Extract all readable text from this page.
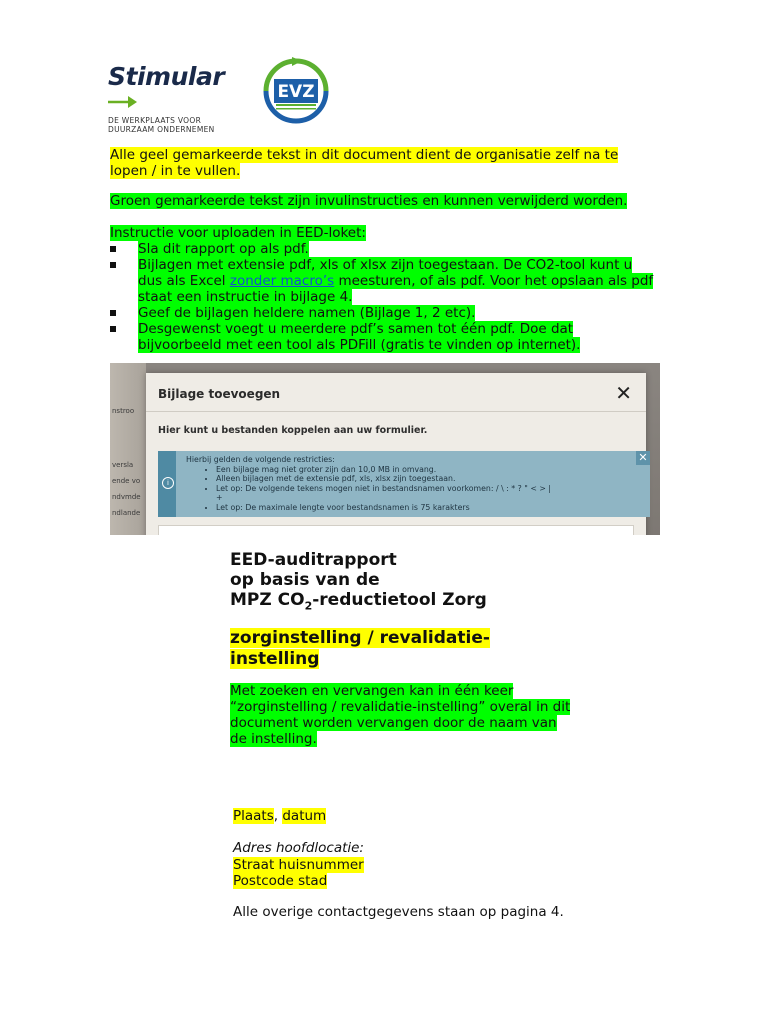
Stimular
DE WERKPLAATS VOOR
DUURZAAM ONDERNEMEN
EVZ
Alle geel gemarkeerde tekst in dit document dient de organisatie zelf na te lopen / in te vullen.
Groen gemarkeerde tekst zijn invulinstructies en kunnen verwijderd worden.
Instructie voor uploaden in EED-loket:
Sla dit rapport op als pdf.
Bijlagen met extensie pdf, xls of xlsx zijn toegestaan. De CO2-tool kunt u dus als Excel zonder macro’s meesturen, of als pdf. Voor het opslaan als pdf staat een instructie in bijlage 4.
Geef de bijlagen heldere namen (Bijlage 1, 2 etc).
Desgewenst voegt u meerdere pdf’s samen tot één pdf. Doe dat bijvoorbeeld met een tool als PDFill (gratis te vinden op internet).
nstroo
versla
ende vo
ndvmde
ndlande
Bijlage toevoegen	✕
Hier kunt u bestanden koppelen aan uw formulier.
i
✕
Hierbij gelden de volgende restricties:
• Een bijlage mag niet groter zijn dan 10,0 MB in omvang.
• Alleen bijlagen met de extensie pdf, xls, xlsx zijn toegestaan.
• Let op: De volgende tekens mogen niet in bestandsnamen voorkomen: / \ : * ? " < > |
+
• Let op: De maximale lengte voor bestandsnamen is 75 karakters
EED-auditrapport
op basis van de
MPZ $CO_2$-reductietool Zorg
zorginstelling / revalidatie-
instelling
Met zoeken en vervangen kan in één keer
“zorginstelling / revalidatie-instelling” overal in dit
document worden vervangen door de naam van
de instelling.
Plaats, datum
Adres hoofdlocatie:
Straat huisnummer
Postcode stad
Alle overige contactgegevens staan op pagina 4.
